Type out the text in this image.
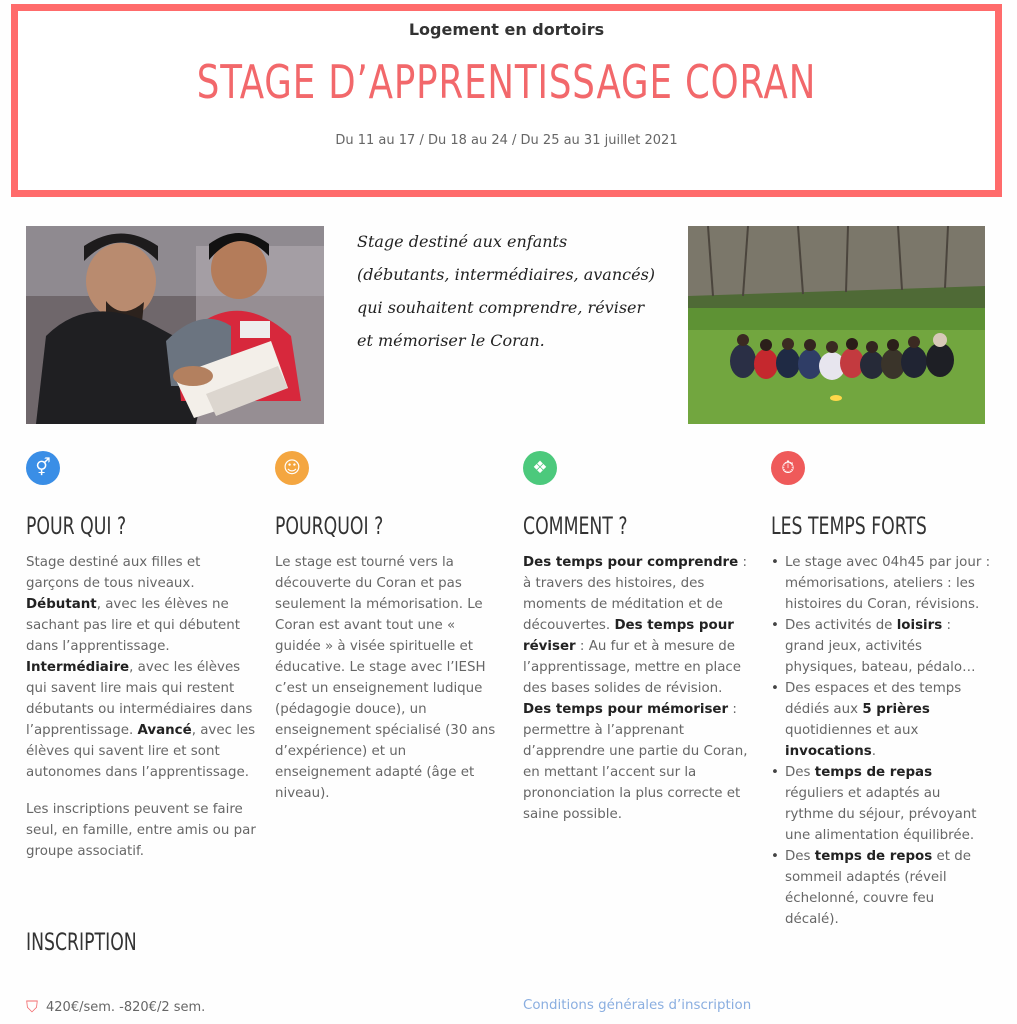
Logement en dortoirs
STAGE D’APPRENTISSAGE CORAN
Du 11 au 17 / Du 18 au 24 / Du 25 au 31 juillet 2021
Stage destiné aux enfants (débutants, intermédiaires, avancés) qui souhaitent comprendre, réviser et mémoriser le Coran.
⚥
POUR QUI ?

Stage destiné aux filles et garçons de tous niveaux. Débutant, avec les élèves ne sachant pas lire et qui débutent dans l’apprentissage. Intermédiaire, avec les élèves qui savent lire mais qui restent débutants ou intermédiaires dans l’apprentissage. Avancé, avec les élèves qui savent lire et sont autonomes dans l’apprentissage.

Les inscriptions peuvent se faire seul, en famille, entre amis ou par groupe associatif.

☺
POURQUOI ?

Le stage est tourné vers la découverte du Coran et pas seulement la mémorisation. Le Coran est avant tout une « guidée » à visée spirituelle et éducative. Le stage avec l’IESH c’est un enseignement ludique (pédagogie douce), un enseignement spécialisé (30 ans d’expérience) et un enseignement adapté (âge et niveau).

❖
COMMENT ?

Des temps pour comprendre : à travers des histoires, des moments de méditation et de découvertes. Des temps pour réviser : Au fur et à mesure de l’apprentissage, mettre en place des bases solides de révision. Des temps pour mémoriser : permettre à l’apprenant d’apprendre une partie du Coran, en mettant l’accent sur la prononciation la plus correcte et saine possible.

⏱
LES TEMPS FORTS
• Le stage avec 04h45 par jour : mémorisations, ateliers : les histoires du Coran, révisions.
• Des activités de loisirs : grand jeux, activités physiques, bateau, pédalo…
• Des espaces et des temps dédiés aux 5 prières quotidiennes et aux invocations.
• Des temps de repas réguliers et adaptés au rythme du séjour, prévoyant une alimentation équilibrée.
• Des temps de repos et de sommeil adaptés (réveil échelonné, couvre feu décalé).
INSCRIPTION
⛉ 420€/sem. -820€/2 sem.	Conditions générales d’inscription
